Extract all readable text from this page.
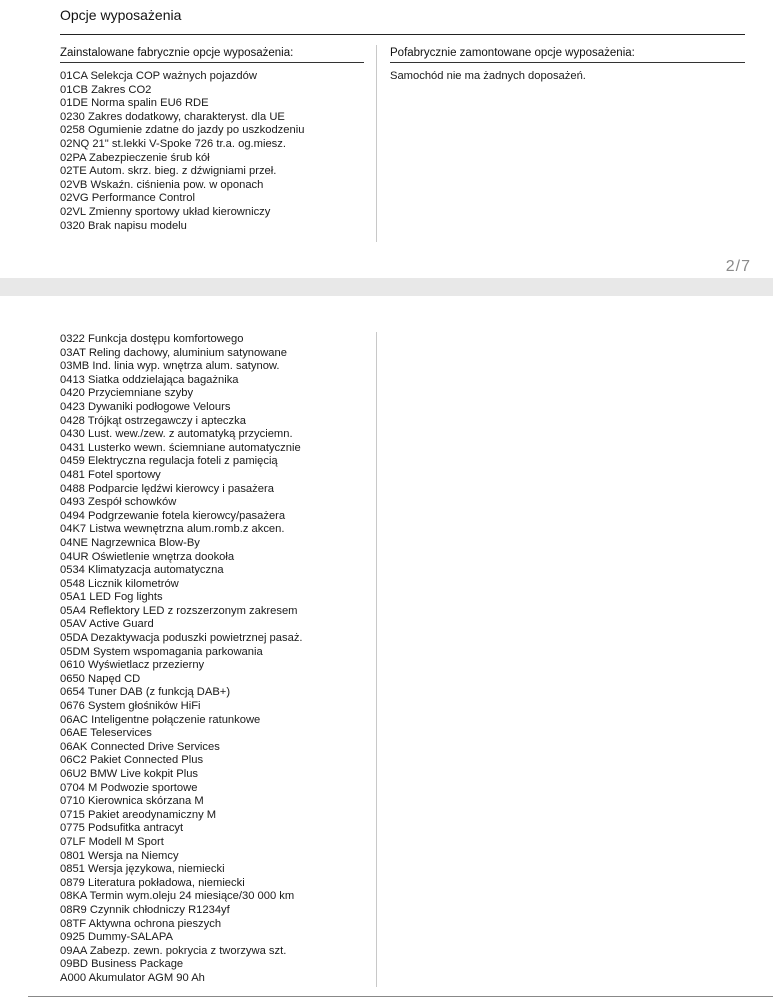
Opcje wyposażenia
Zainstalowane fabrycznie opcje wyposażenia:	Pofabrycznie zamontowane opcje wyposażenia:
01CA Selekcja COP ważnych pojazdów
01CB Zakres CO2
01DE Norma spalin EU6 RDE
0230 Zakres dodatkowy, charakteryst. dla UE
0258 Ogumienie zdatne do jazdy po uszkodzeniu
02NQ 21" st.lekki V-Spoke 726 tr.a. og.miesz.
02PA Zabezpieczenie śrub kół
02TE Autom. skrz. bieg. z dźwigniami przeł.
02VB Wskaźn. ciśnienia pow. w oponach
02VG Performance Control
02VL Zmienny sportowy układ kierowniczy
0320 Brak napisu modelu
Samochód nie ma żadnych doposażeń.
2/7
0322 Funkcja dostępu komfortowego
03AT Reling dachowy, aluminium satynowane
03MB Ind. linia wyp. wnętrza alum. satynow.
0413 Siatka oddzielająca bagażnika
0420 Przyciemniane szyby
0423 Dywaniki podłogowe Velours
0428 Trójkąt ostrzegawczy i apteczka
0430 Lust. wew./zew. z automatyką przyciemn.
0431 Lusterko wewn. ściemniane automatycznie
0459 Elektryczna regulacja foteli z pamięcią
0481 Fotel sportowy
0488 Podparcie lędźwi kierowcy i pasażera
0493 Zespół schowków
0494 Podgrzewanie fotela kierowcy/pasażera
04K7 Listwa wewnętrzna alum.romb.z akcen.
04NE Nagrzewnica Blow-By
04UR Oświetlenie wnętrza dookoła
0534 Klimatyzacja automatyczna
0548 Licznik kilometrów
05A1 LED Fog lights
05A4 Reflektory LED z rozszerzonym zakresem
05AV Active Guard
05DA Dezaktywacja poduszki powietrznej pasaż.
05DM System wspomagania parkowania
0610 Wyświetlacz przezierny
0650 Napęd CD
0654 Tuner DAB (z funkcją DAB+)
0676 System głośników HiFi
06AC Inteligentne połączenie ratunkowe
06AE Teleservices
06AK Connected Drive Services
06C2 Pakiet Connected Plus
06U2 BMW Live kokpit Plus
0704 M Podwozie sportowe
0710 Kierownica skórzana M
0715 Pakiet areodynamiczny M
0775 Podsufitka antracyt
07LF Modell M Sport
0801 Wersja na Niemcy
0851 Wersja językowa, niemiecki
0879 Literatura pokładowa, niemiecki
08KA Termin wym.oleju 24 miesiące/30 000 km
08R9 Czynnik chłodniczy R1234yf
08TF Aktywna ochrona pieszych
0925 Dummy-SALAPA
09AA Zabezp. zewn. pokrycia z tworzywa szt.
09BD Business Package
A000 Akumulator AGM 90 Ah
